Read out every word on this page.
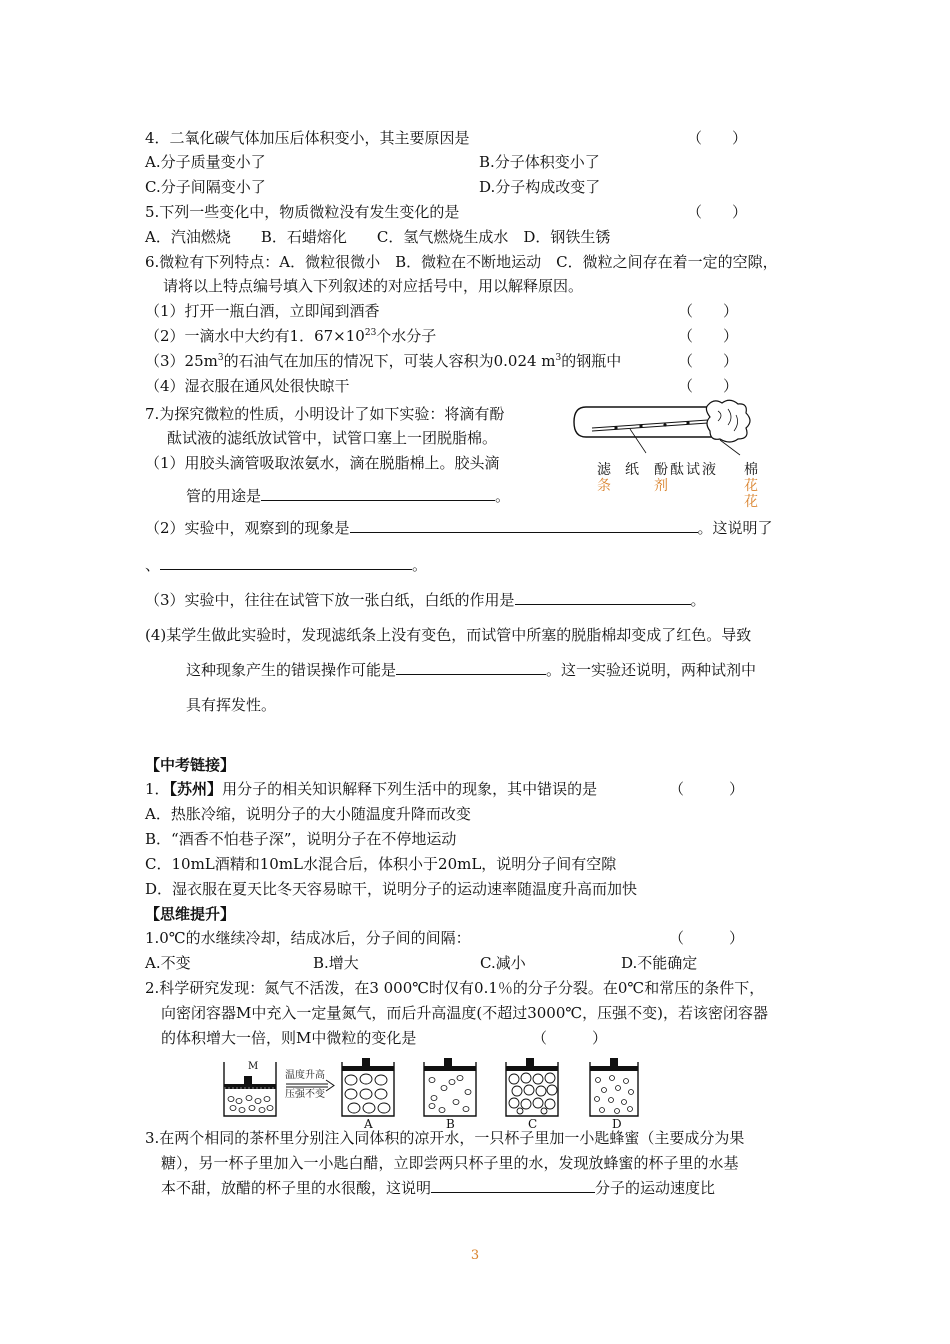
4．二氧化碳气体加压后体积变小，其主要原因是	（　　）
A.分子质量变小了	B.分子体积变小了
C.分子间隔变小了	D.分子构成改变了
5.下列一些变化中，物质微粒没有发生变化的是	（　　）
A．汽油燃烧　　B．石蜡熔化　　C．氢气燃烧生成水　D．钢铁生锈
6.微粒有下列特点：A．微粒很微小　B．微粒在不断地运动　C．微粒之间存在着一定的空隙，
请将以上特点编号填入下列叙述的对应括号中，用以解释原因。
（1）打开一瓶白酒，立即闻到酒香	（　　）
（2）一滴水中大约有1．$67\times 10^{23}$个水分子	（　　）
$(3)25m^3$的石油气在加压的情况下，可装人容积为0.024 $m^3$的钢瓶中	（　　）
（4）湿衣服在通风处很快晾干	（　　）
7.为探究微粒的性质，小明设计了如下实验：将滴有酚
酞试液的滤纸放试管中，试管口塞上一团脱脂棉。
（1）用胶头滴管吸取浓氨水，滴在脱脂棉上。胶头滴
管的用途是	。
滤　纸
条
酚酞试液
剂
棉
花
花
（2）实验中，观察到的现象是	。这说明了
、	。
（3）实验中，往往在试管下放一张白纸，白纸的作用是	。
(4)某学生做此实验时，发现滤纸条上没有变色，而试管中所塞的脱脂棉却变成了红色。导致
这种现象产生的错误操作可能是	。这一实验还说明，两种试剂中
具有挥发性。
【中考链接】
1．【苏州】用分子的相关知识解释下列生活中的现象，其中错误的是	（　　　）
A．热胀冷缩，说明分子的大小随温度升降而改变
B．“酒香不怕巷子深”，说明分子在不停地运动
C．10mL酒精和10mL水混合后，体积小于20mL，说明分子间有空隙
D．湿衣服在夏天比冬天容易晾干，说明分子的运动速率随温度升高而加快
【思维提升】
1.0℃的水继续冷却，结成冰后，分子间的间隔：	（　　　）
A.不变	B.增大	C.减小	D.不能确定
2.科学研究发现：氮气不活泼，在3 000℃时仅有0.1％的分子分裂。在0℃和常压的条件下，
向密闭容器M中充入一定量氮气，而后升高温度(不超过3000℃，压强不变)，若该密闭容器
的体积增大一倍，则M中微粒的变化是	（　　　）
M
温度升高
压强不变
A	B	C	D
3.在两个相同的茶杯里分别注入同体积的凉开水，一只杯子里加一小匙蜂蜜（主要成分为果
糖），另一杯子里加入一小匙白醋，立即尝两只杯子里的水，发现放蜂蜜的杯子里的水基
本不甜，放醋的杯子里的水很酸，这说明	分子的运动速度比
3
